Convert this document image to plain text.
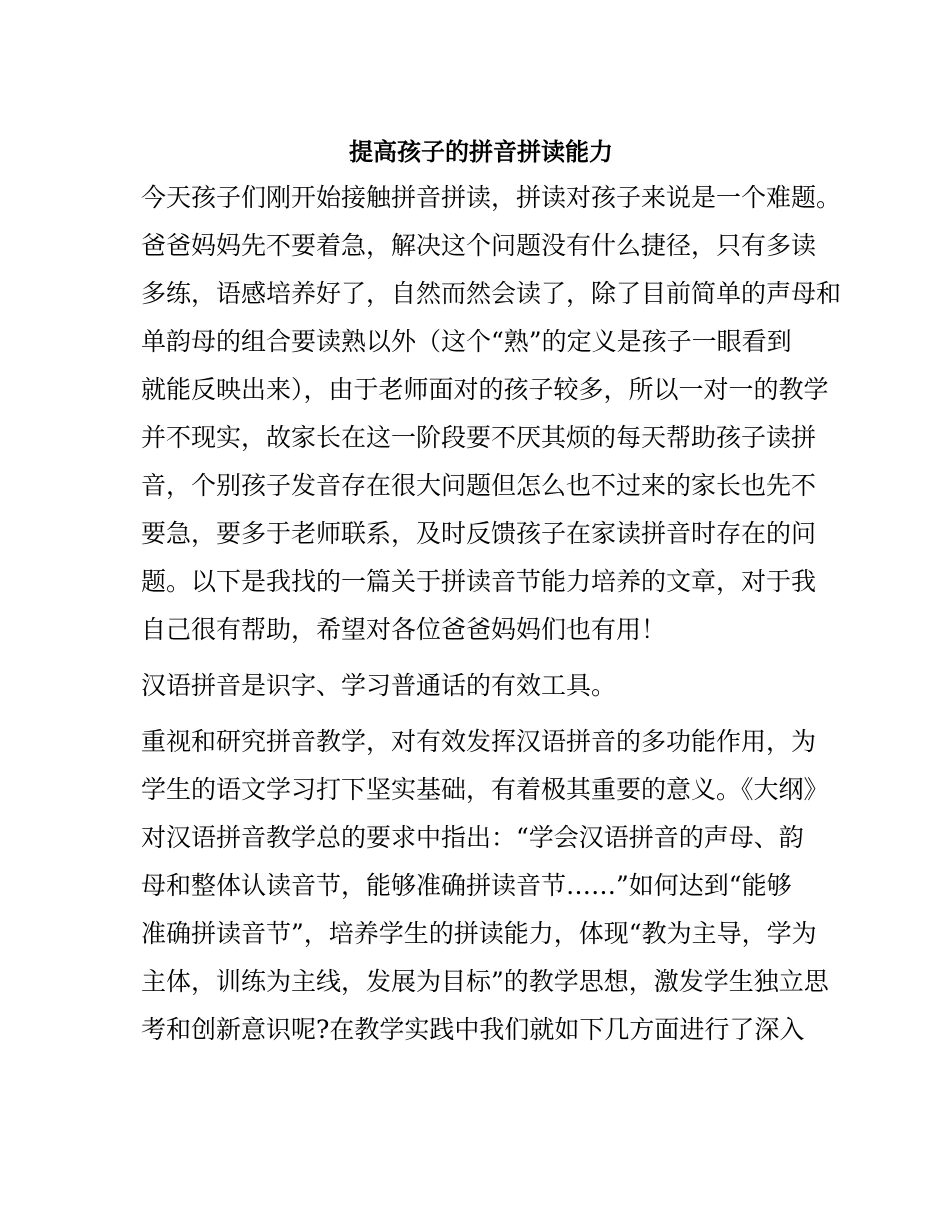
提高孩子的拼音拼读能力

今天孩子们刚开始接触拼音拼读，拼读对孩子来说是一个难题。
爸爸妈妈先不要着急，解决这个问题没有什么捷径，只有多读
多练，语感培养好了，自然而然会读了，除了目前简单的声母和
单韵母的组合要读熟以外（这个“熟”的定义是孩子一眼看到
就能反映出来），由于老师面对的孩子较多，所以一对一的教学
并不现实，故家长在这一阶段要不厌其烦的每天帮助孩子读拼
音，个别孩子发音存在很大问题但怎么也不过来的家长也先不
要急，要多于老师联系，及时反馈孩子在家读拼音时存在的问
题。以下是我找的一篇关于拼读音节能力培养的文章，对于我
自己很有帮助，希望对各位爸爸妈妈们也有用！

汉语拼音是识字、学习普通话的有效工具。

重视和研究拼音教学，对有效发挥汉语拼音的多功能作用，为
学生的语文学习打下坚实基础，有着极其重要的意义。《大纲》
对汉语拼音教学总的要求中指出：“学会汉语拼音的声母、韵
母和整体认读音节，能够准确拼读音节……”如何达到“能够
准确拼读音节”，培养学生的拼读能力，体现“教为主导，学为
主体，训练为主线，发展为目标”的教学思想，激发学生独立思
考和创新意识呢?在教学实践中我们就如下几方面进行了深入
